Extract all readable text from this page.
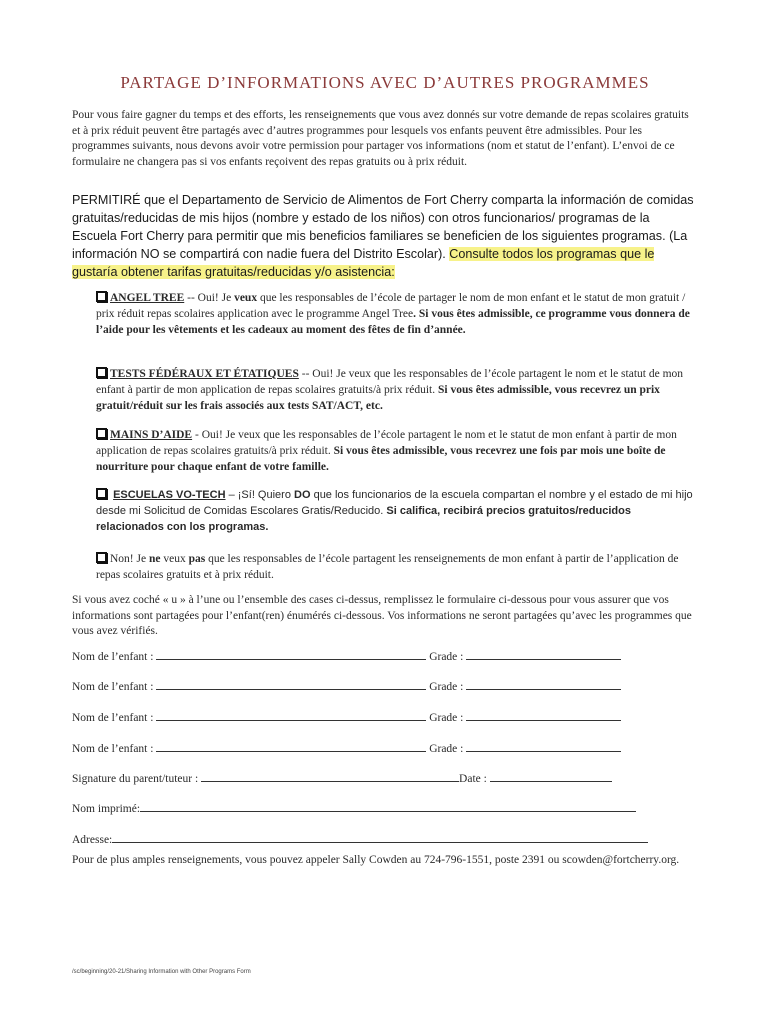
PARTAGE D’INFORMATIONS AVEC D’AUTRES PROGRAMMES
Pour vous faire gagner du temps et des efforts, les renseignements que vous avez donnés sur votre demande de repas scolaires gratuits et à prix réduit peuvent être partagés avec d’autres programmes pour lesquels vos enfants peuvent être admissibles. Pour les programmes suivants, nous devons avoir votre permission pour partager vos informations (nom et statut de l’enfant). L’envoi de ce formulaire ne changera pas si vos enfants reçoivent des repas gratuits ou à prix réduit.
PERMITIRÉ que el Departamento de Servicio de Alimentos de Fort Cherry comparta la información de comidas gratuitas/reducidas de mis hijos (nombre y estado de los niños) con otros funcionarios/ programas de la Escuela Fort Cherry para permitir que mis beneficios familiares se beneficien de los siguientes programas. (La información NO se compartirá con nadie fuera del Distrito Escolar). Consulte todos los programas que le gustaría obtener tarifas gratuitas/reducidas y/o asistencia:
ANGEL TREE -- Oui! Je veux que les responsables de l’école de partager le nom de mon enfant et le statut de mon gratuit / prix réduit repas scolaires application avec le programme Angel Tree. Si vous êtes admissible, ce programme vous donnera de l’aide pour les vêtements et les cadeaux au moment des fêtes de fin d’année.
TESTS FÉDÉRAUX ET ÉTATIQUES -- Oui! Je veux que les responsables de l’école partagent le nom et le statut de mon enfant à partir de mon application de repas scolaires gratuits/à prix réduit. Si vous êtes admissible, vous recevrez un prix gratuit/réduit sur les frais associés aux tests SAT/ACT, etc.
MAINS D’AIDE - Oui! Je veux que les responsables de l’école partagent le nom et le statut de mon enfant à partir de mon application de repas scolaires gratuits/à prix réduit. Si vous êtes admissible, vous recevrez une fois par mois une boîte de nourriture pour chaque enfant de votre famille.
ESCUELAS VO-TECH – ¡Sí! Quiero DO que los funcionarios de la escuela compartan el nombre y el estado de mi hijo desde mi Solicitud de Comidas Escolares Gratis/Reducido. Si califica, recibirá precios gratuitos/reducidos relacionados con los programas.
Non! Je ne veux pas que les responsables de l’école partagent les renseignements de mon enfant à partir de l’application de repas scolaires gratuits et à prix réduit.
Si vous avez coché « u » à l’une ou l’ensemble des cases ci-dessus, remplissez le formulaire ci-dessous pour vous assurer que vos informations sont partagées pour l’enfant(ren) énumérés ci-dessous. Vos informations ne seront partagées qu’avec les programmes que vous avez vérifiés.
Nom de l’enfant :	Grade :
Nom de l’enfant :	Grade :
Nom de l’enfant :	Grade :
Nom de l’enfant :	Grade :
Signature du parent/tuteur :	Date :
Nom imprimé:
Adresse:
Pour de plus amples renseignements, vous pouvez appeler Sally Cowden au 724-796-1551, poste 2391 ou scowden@fortcherry.org.
/sc/beginning/20-21/Sharing Information with Other Programs Form
